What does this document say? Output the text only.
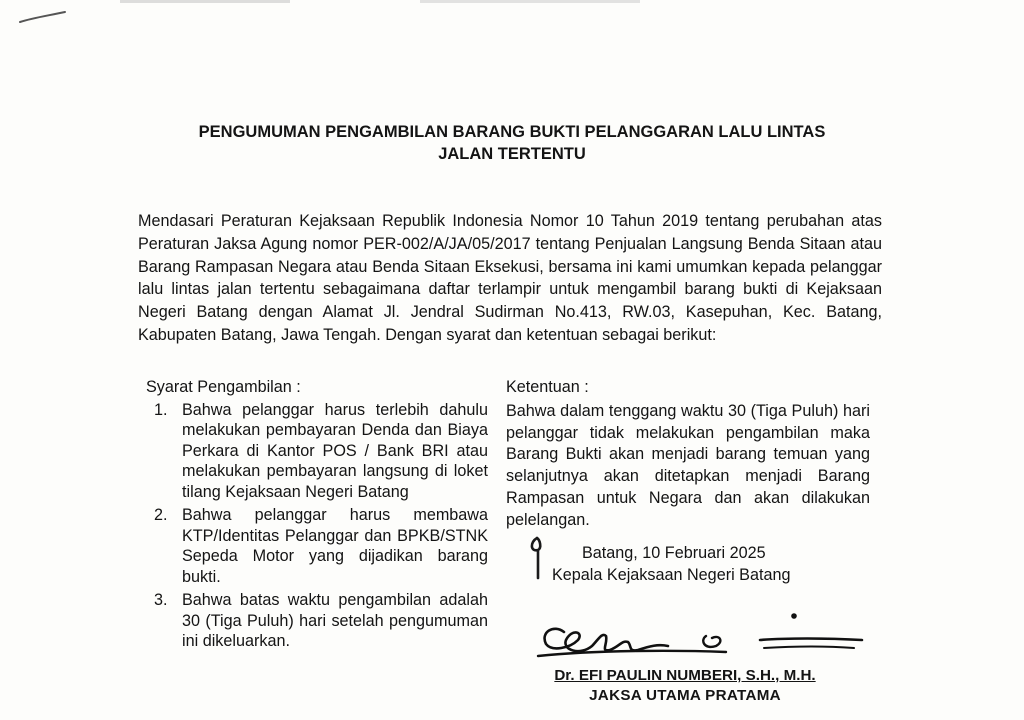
PENGUMUMAN PENGAMBILAN BARANG BUKTI PELANGGARAN LALU LINTAS
JALAN TERTENTU
Mendasari Peraturan Kejaksaan Republik Indonesia Nomor 10 Tahun 2019 tentang perubahan atas Peraturan Jaksa Agung nomor PER-002/A/JA/05/2017 tentang Penjualan Langsung Benda Sitaan atau Barang Rampasan Negara atau Benda Sitaan Eksekusi, bersama ini kami umumkan kepada pelanggar lalu lintas jalan tertentu sebagaimana daftar terlampir untuk mengambil barang bukti di Kejaksaan Negeri Batang dengan Alamat Jl. Jendral Sudirman No.413, RW.03, Kasepuhan, Kec. Batang, Kabupaten Batang, Jawa Tengah. Dengan syarat dan ketentuan sebagai berikut:
Syarat Pengambilan :
1. Bahwa pelanggar harus terlebih dahulu melakukan pembayaran Denda dan Biaya Perkara di Kantor POS / Bank BRI atau melakukan pembayaran langsung di loket tilang Kejaksaan Negeri Batang
2. Bahwa pelanggar harus membawa KTP/Identitas Pelanggar dan BPKB/STNK Sepeda Motor yang dijadikan barang bukti.
3. Bahwa batas waktu pengambilan adalah 30 (Tiga Puluh) hari setelah pengumuman ini dikeluarkan.
Ketentuan :
Bahwa dalam tenggang waktu 30 (Tiga Puluh) hari pelanggar tidak melakukan pengambilan maka Barang Bukti akan menjadi barang temuan yang selanjutnya akan ditetapkan menjadi Barang Rampasan untuk Negara dan akan dilakukan pelelangan.
Batang, 10 Februari 2025
Kepala Kejaksaan Negeri Batang
Dr. EFI PAULIN NUMBERI, S.H., M.H.
JAKSA UTAMA PRATAMA
